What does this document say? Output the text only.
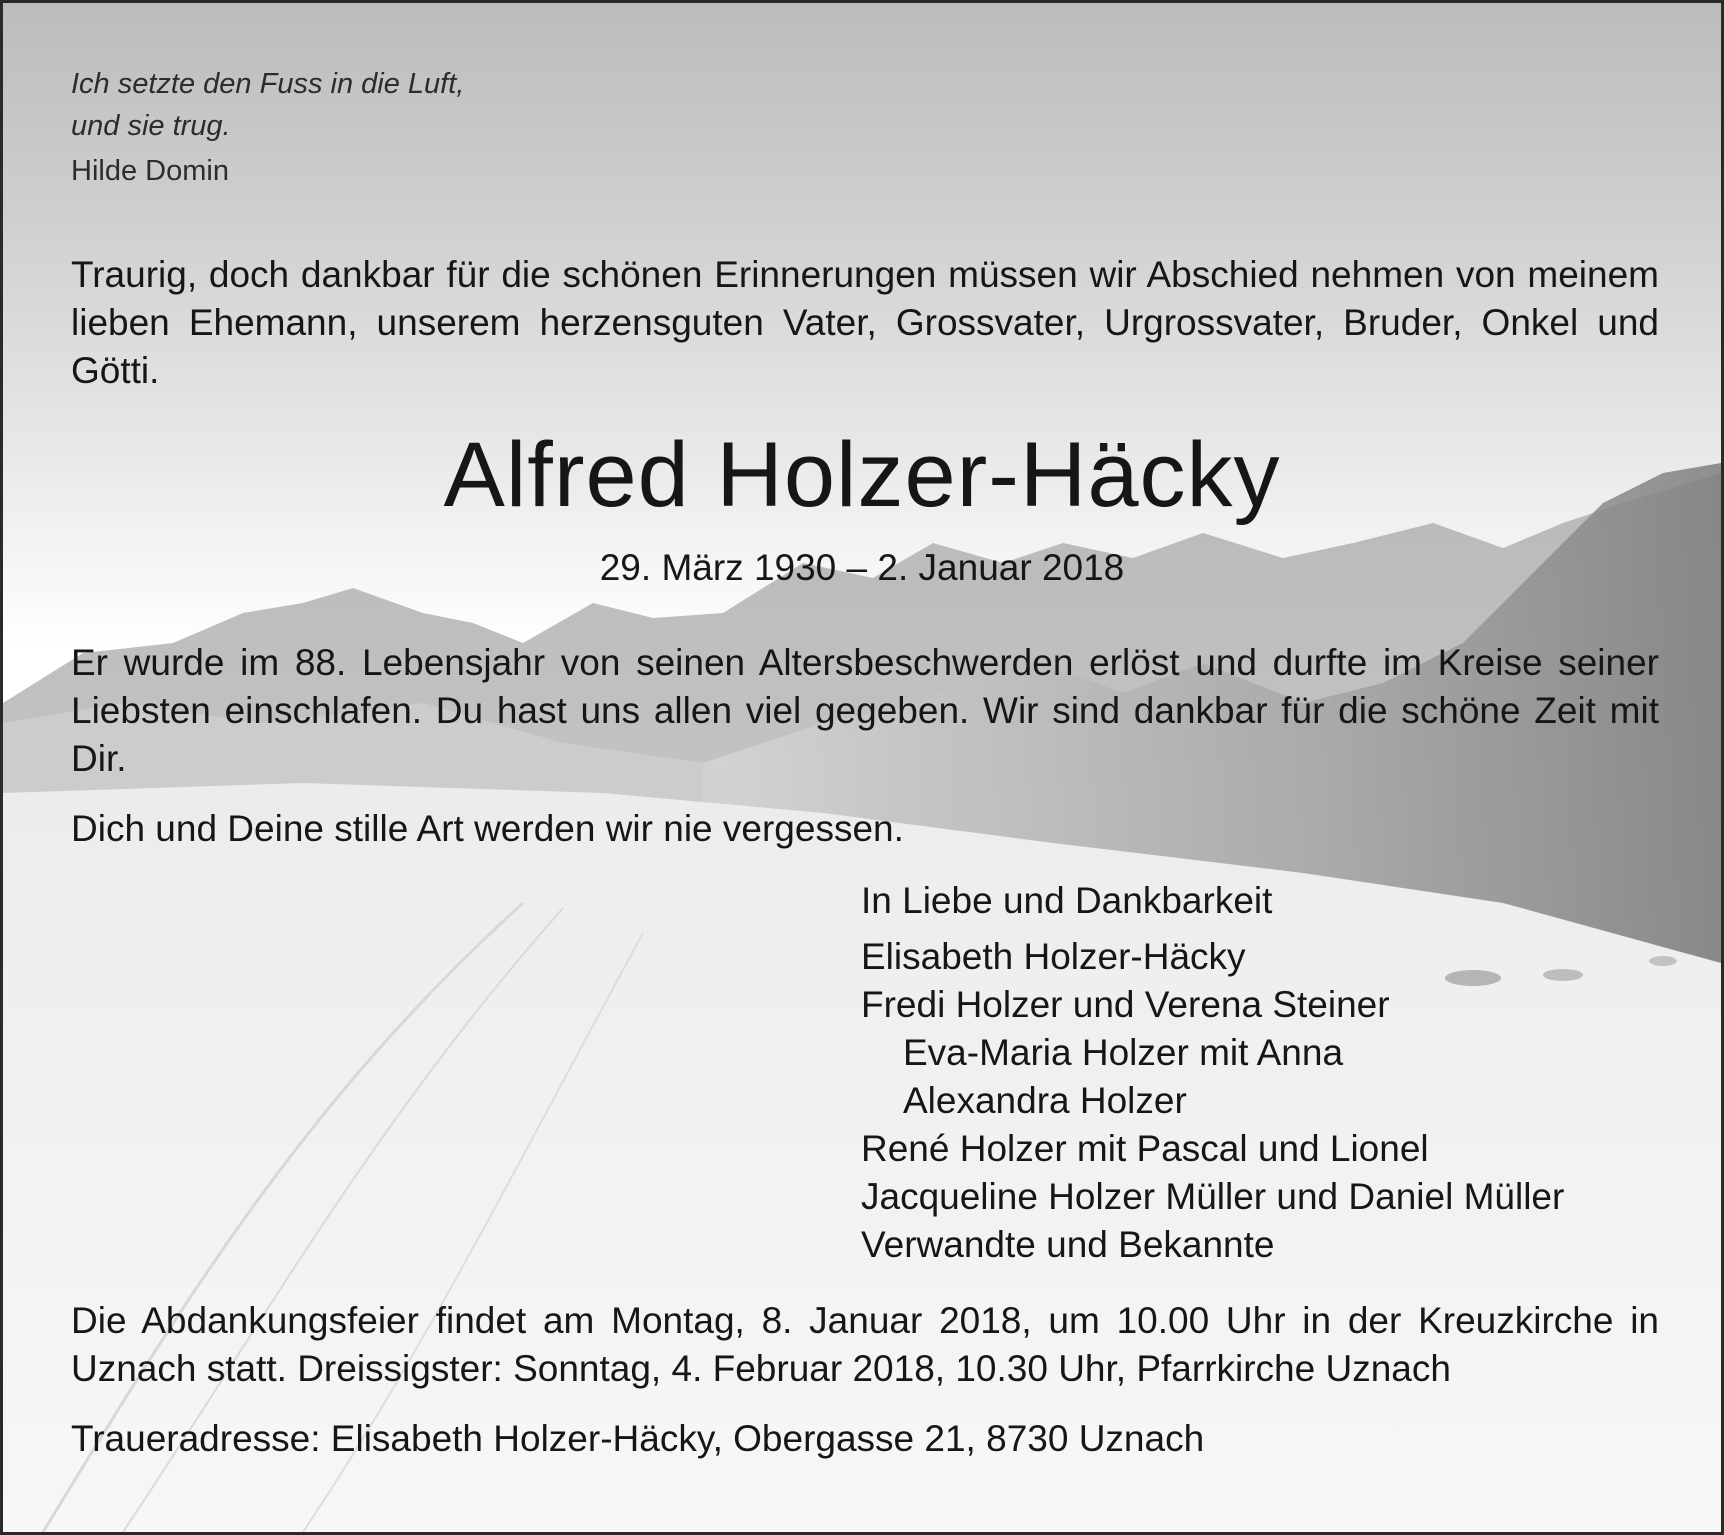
Ich setzte den Fuss in die Luft,
und sie trug.
Hilde Domin

Traurig, doch dankbar für die schönen Erinnerungen müssen wir Abschied nehmen von meinem lieben Ehemann, unserem herzensguten Vater, Grossvater, Urgrossvater, Bruder, Onkel und Götti.

Alfred Holzer-Häcky
29. März 1930 – 2. Januar 2018

Er wurde im 88. Lebensjahr von seinen Altersbeschwerden erlöst und durfte im Kreise seiner Liebsten einschlafen. Du hast uns allen viel gegeben. Wir sind dankbar für die schöne Zeit mit Dir.

Dich und Deine stille Art werden wir nie vergessen.

In Liebe und Dankbarkeit
Elisabeth Holzer-Häcky
Fredi Holzer und Verena Steiner
Eva-Maria Holzer mit Anna
Alexandra Holzer
René Holzer mit Pascal und Lionel
Jacqueline Holzer Müller und Daniel Müller
Verwandte und Bekannte

Die Abdankungsfeier findet am Montag, 8. Januar 2018, um 10.00 Uhr in der Kreuzkirche in Uznach statt. Dreissigster: Sonntag, 4. Februar 2018, 10.30 Uhr, Pfarrkirche Uznach

Traueradresse: Elisabeth Holzer-Häcky, Obergasse 21, 8730 Uznach
